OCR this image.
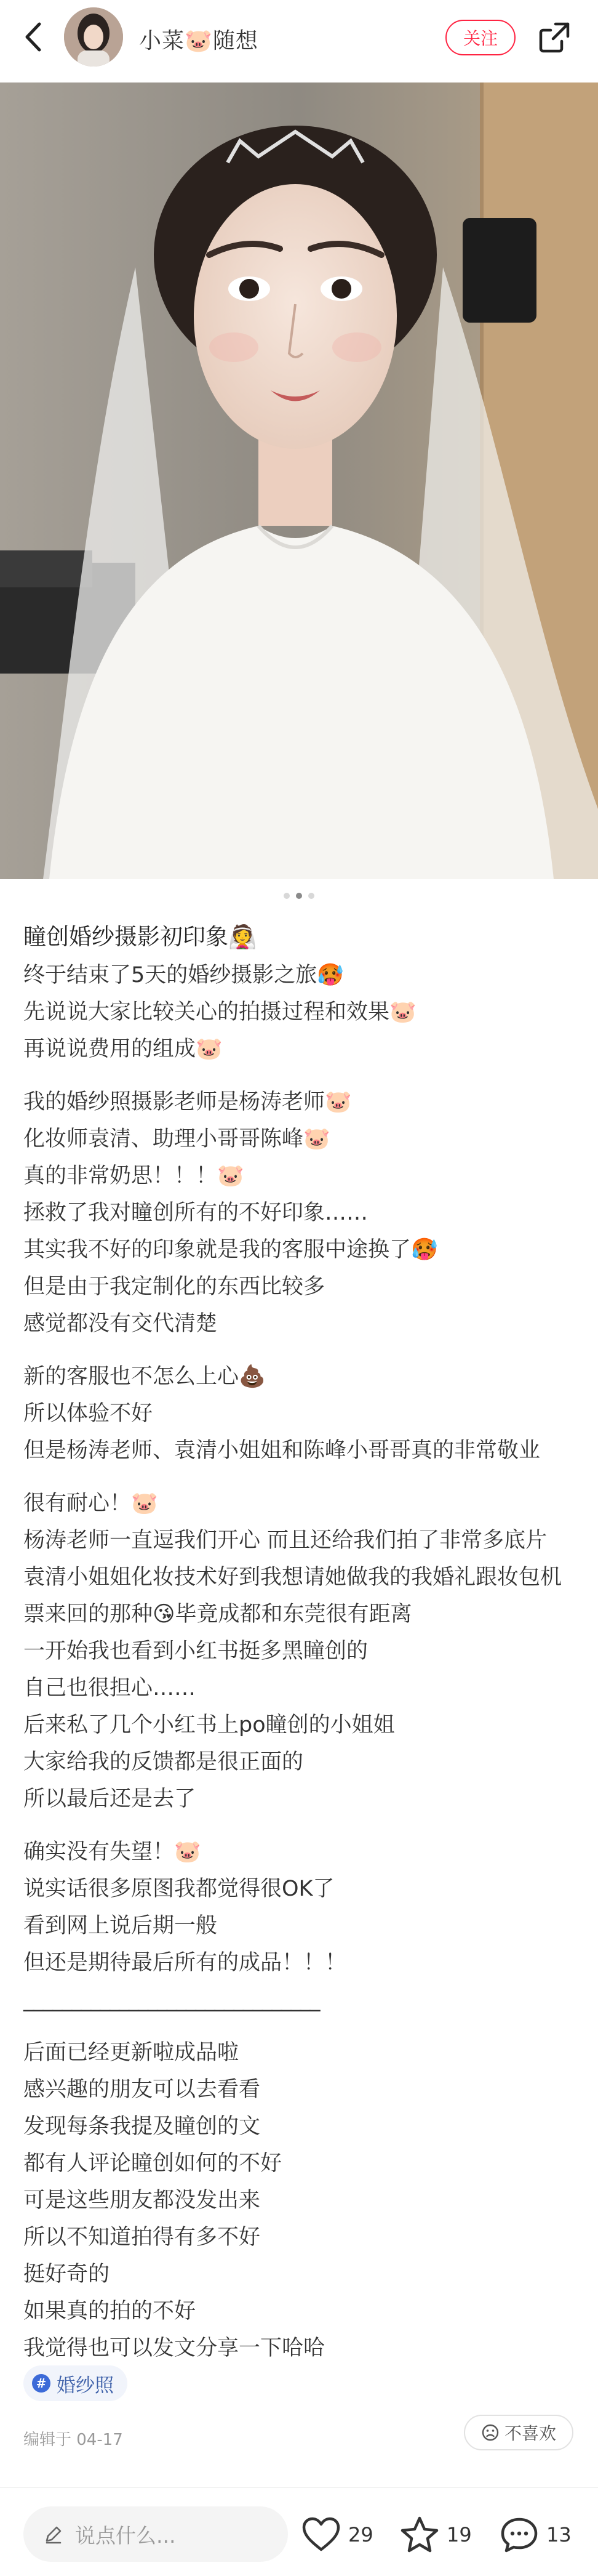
小菜🐷随想	关注

瞳创婚纱摄影初印象👰

终于结束了5天的婚纱摄影之旅🥵

先说说大家比较关心的拍摄过程和效果🐷

再说说费用的组成🐷

我的婚纱照摄影老师是杨涛老师🐷

化妆师袁清、助理小哥哥陈峰🐷

真的非常奶思！！！🐷

拯救了我对瞳创所有的不好印象……

其实我不好的印象就是我的客服中途换了🥵

但是由于我定制化的东西比较多

感觉都没有交代清楚

新的客服也不怎么上心💩

所以体验不好

但是杨涛老师、袁清小姐姐和陈峰小哥哥真的非常敬业

很有耐心！🐷

杨涛老师一直逗我们开心 而且还给我们拍了非常多底片

袁清小姐姐化妆技术好到我想请她做我的我婚礼跟妆包机票来回的那种😘毕竟成都和东莞很有距离

一开始我也看到小红书挺多黑瞳创的

自己也很担心……

后来私了几个小红书上po瞳创的小姐姐

大家给我的反馈都是很正面的

所以最后还是去了

确实没有失望！🐷

说实话很多原图我都觉得很OK了

看到网上说后期一般

但还是期待最后所有的成品！！！

_______________________________

后面已经更新啦成品啦

感兴趣的朋友可以去看看

发现每条我提及瞳创的文

都有人评论瞳创如何的不好

可是这些朋友都没发出来

所以不知道拍得有多不好

挺好奇的

如果真的拍的不好

我觉得也可以发文分享一下哈哈

# 婚纱照
编辑于 04-17	不喜欢
说点什么...	29	19	13
